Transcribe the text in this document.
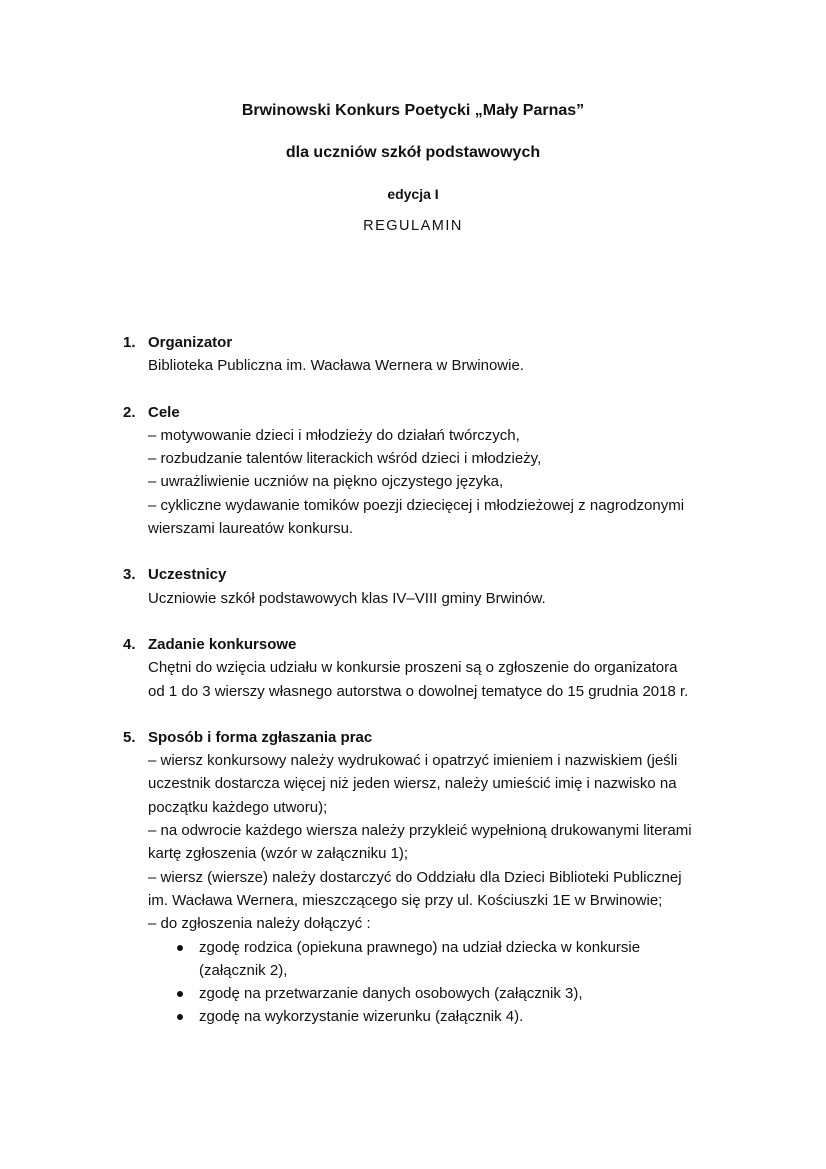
Brwinowski Konkurs Poetycki „Mały Parnas”
dla uczniów szkół podstawowych
edycja I
REGULAMIN
1. Organizator
Biblioteka Publiczna im. Wacława Wernera w Brwinowie.
2. Cele
– motywowanie dzieci i młodzieży do działań twórczych,
– rozbudzanie talentów literackich wśród dzieci i młodzieży,
– uwrażliwienie uczniów na piękno ojczystego języka,
– cykliczne wydawanie tomików poezji dziecięcej i młodzieżowej z nagrodzonymi
wierszami laureatów konkursu.
3. Uczestnicy
Uczniowie szkół podstawowych klas IV–VIII gminy Brwinów.
4. Zadanie konkursowe
Chętni do wzięcia udziału w konkursie proszeni są o zgłoszenie do organizatora
od 1 do 3 wierszy własnego autorstwa o dowolnej tematyce do 15 grudnia 2018 r.
5. Sposób i forma zgłaszania prac
– wiersz konkursowy należy wydrukować i opatrzyć imieniem i nazwiskiem (jeśli
uczestnik dostarcza więcej niż jeden wiersz, należy umieścić imię i nazwisko na
początku każdego utworu);
– na odwrocie każdego wiersza należy przykleić wypełnioną drukowanymi literami
kartę zgłoszenia (wzór w załączniku 1);
– wiersz (wiersze) należy dostarczyć do Oddziału dla Dzieci Biblioteki Publicznej
im. Wacława Wernera, mieszczącego się przy ul. Kościuszki 1E w Brwinowie;
– do zgłoszenia należy dołączyć :
zgodę rodzica (opiekuna prawnego) na udział dziecka w konkursie
(załącznik 2),
zgodę na przetwarzanie danych osobowych (załącznik 3),
zgodę na wykorzystanie wizerunku (załącznik 4).
